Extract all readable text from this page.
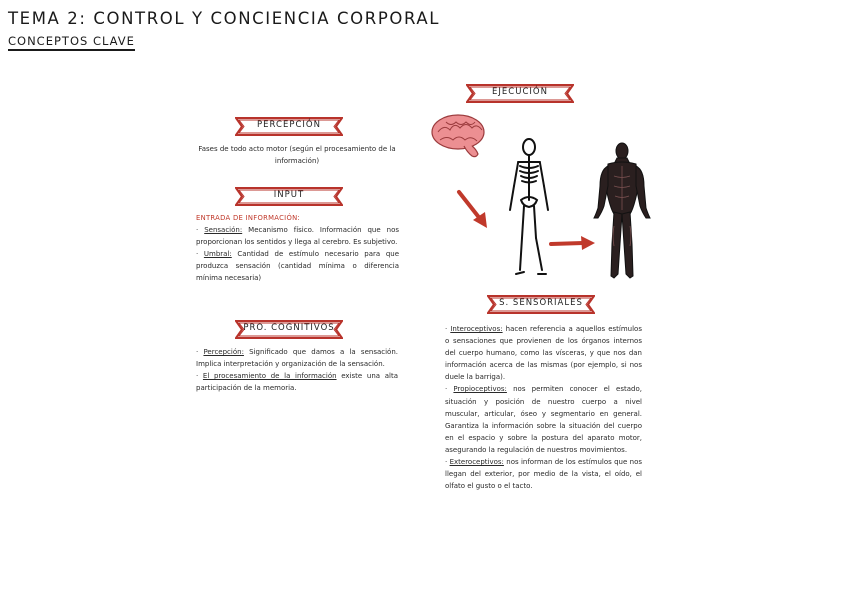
TEMA 2: CONTROL Y CONCIENCIA CORPORAL
CONCEPTOS CLAVE
PERCEPCIÓN
Fases de todo acto motor (según el procesamiento de la información)
INPUT
ENTRADA DE INFORMACIÓN:
· Sensación: Mecanismo físico. Información que nos proporcionan los sentidos y llega al cerebro. Es subjetivo.
· Umbral: Cantidad de estímulo necesario para que produzca sensación (cantidad mínima o diferencia mínima necesaria)
PRO. COGNITIVOS
· Percepción: Significado que damos a la sensación. Implica interpretación y organización de la sensación.
· El procesamiento de la información existe una alta participación de la memoria.
EJECUCIÓN
S. SENSORIALES
· Interoceptivos: hacen referencia a aquellos estímulos o sensaciones que provienen de los órganos internos del cuerpo humano, como las vísceras, y que nos dan información acerca de las mismas (por ejemplo, si nos duele la barriga).
· Propioceptivos: nos permiten conocer el estado, situación y posición de nuestro cuerpo a nivel muscular, articular, óseo y segmentario en general. Garantiza la información sobre la situación del cuerpo en el espacio y sobre la postura del aparato motor, asegurando la regulación de nuestros movimientos.
· Exteroceptivos: nos informan de los estímulos que nos llegan del exterior, por medio de la vista, el oído, el olfato el gusto o el tacto.
